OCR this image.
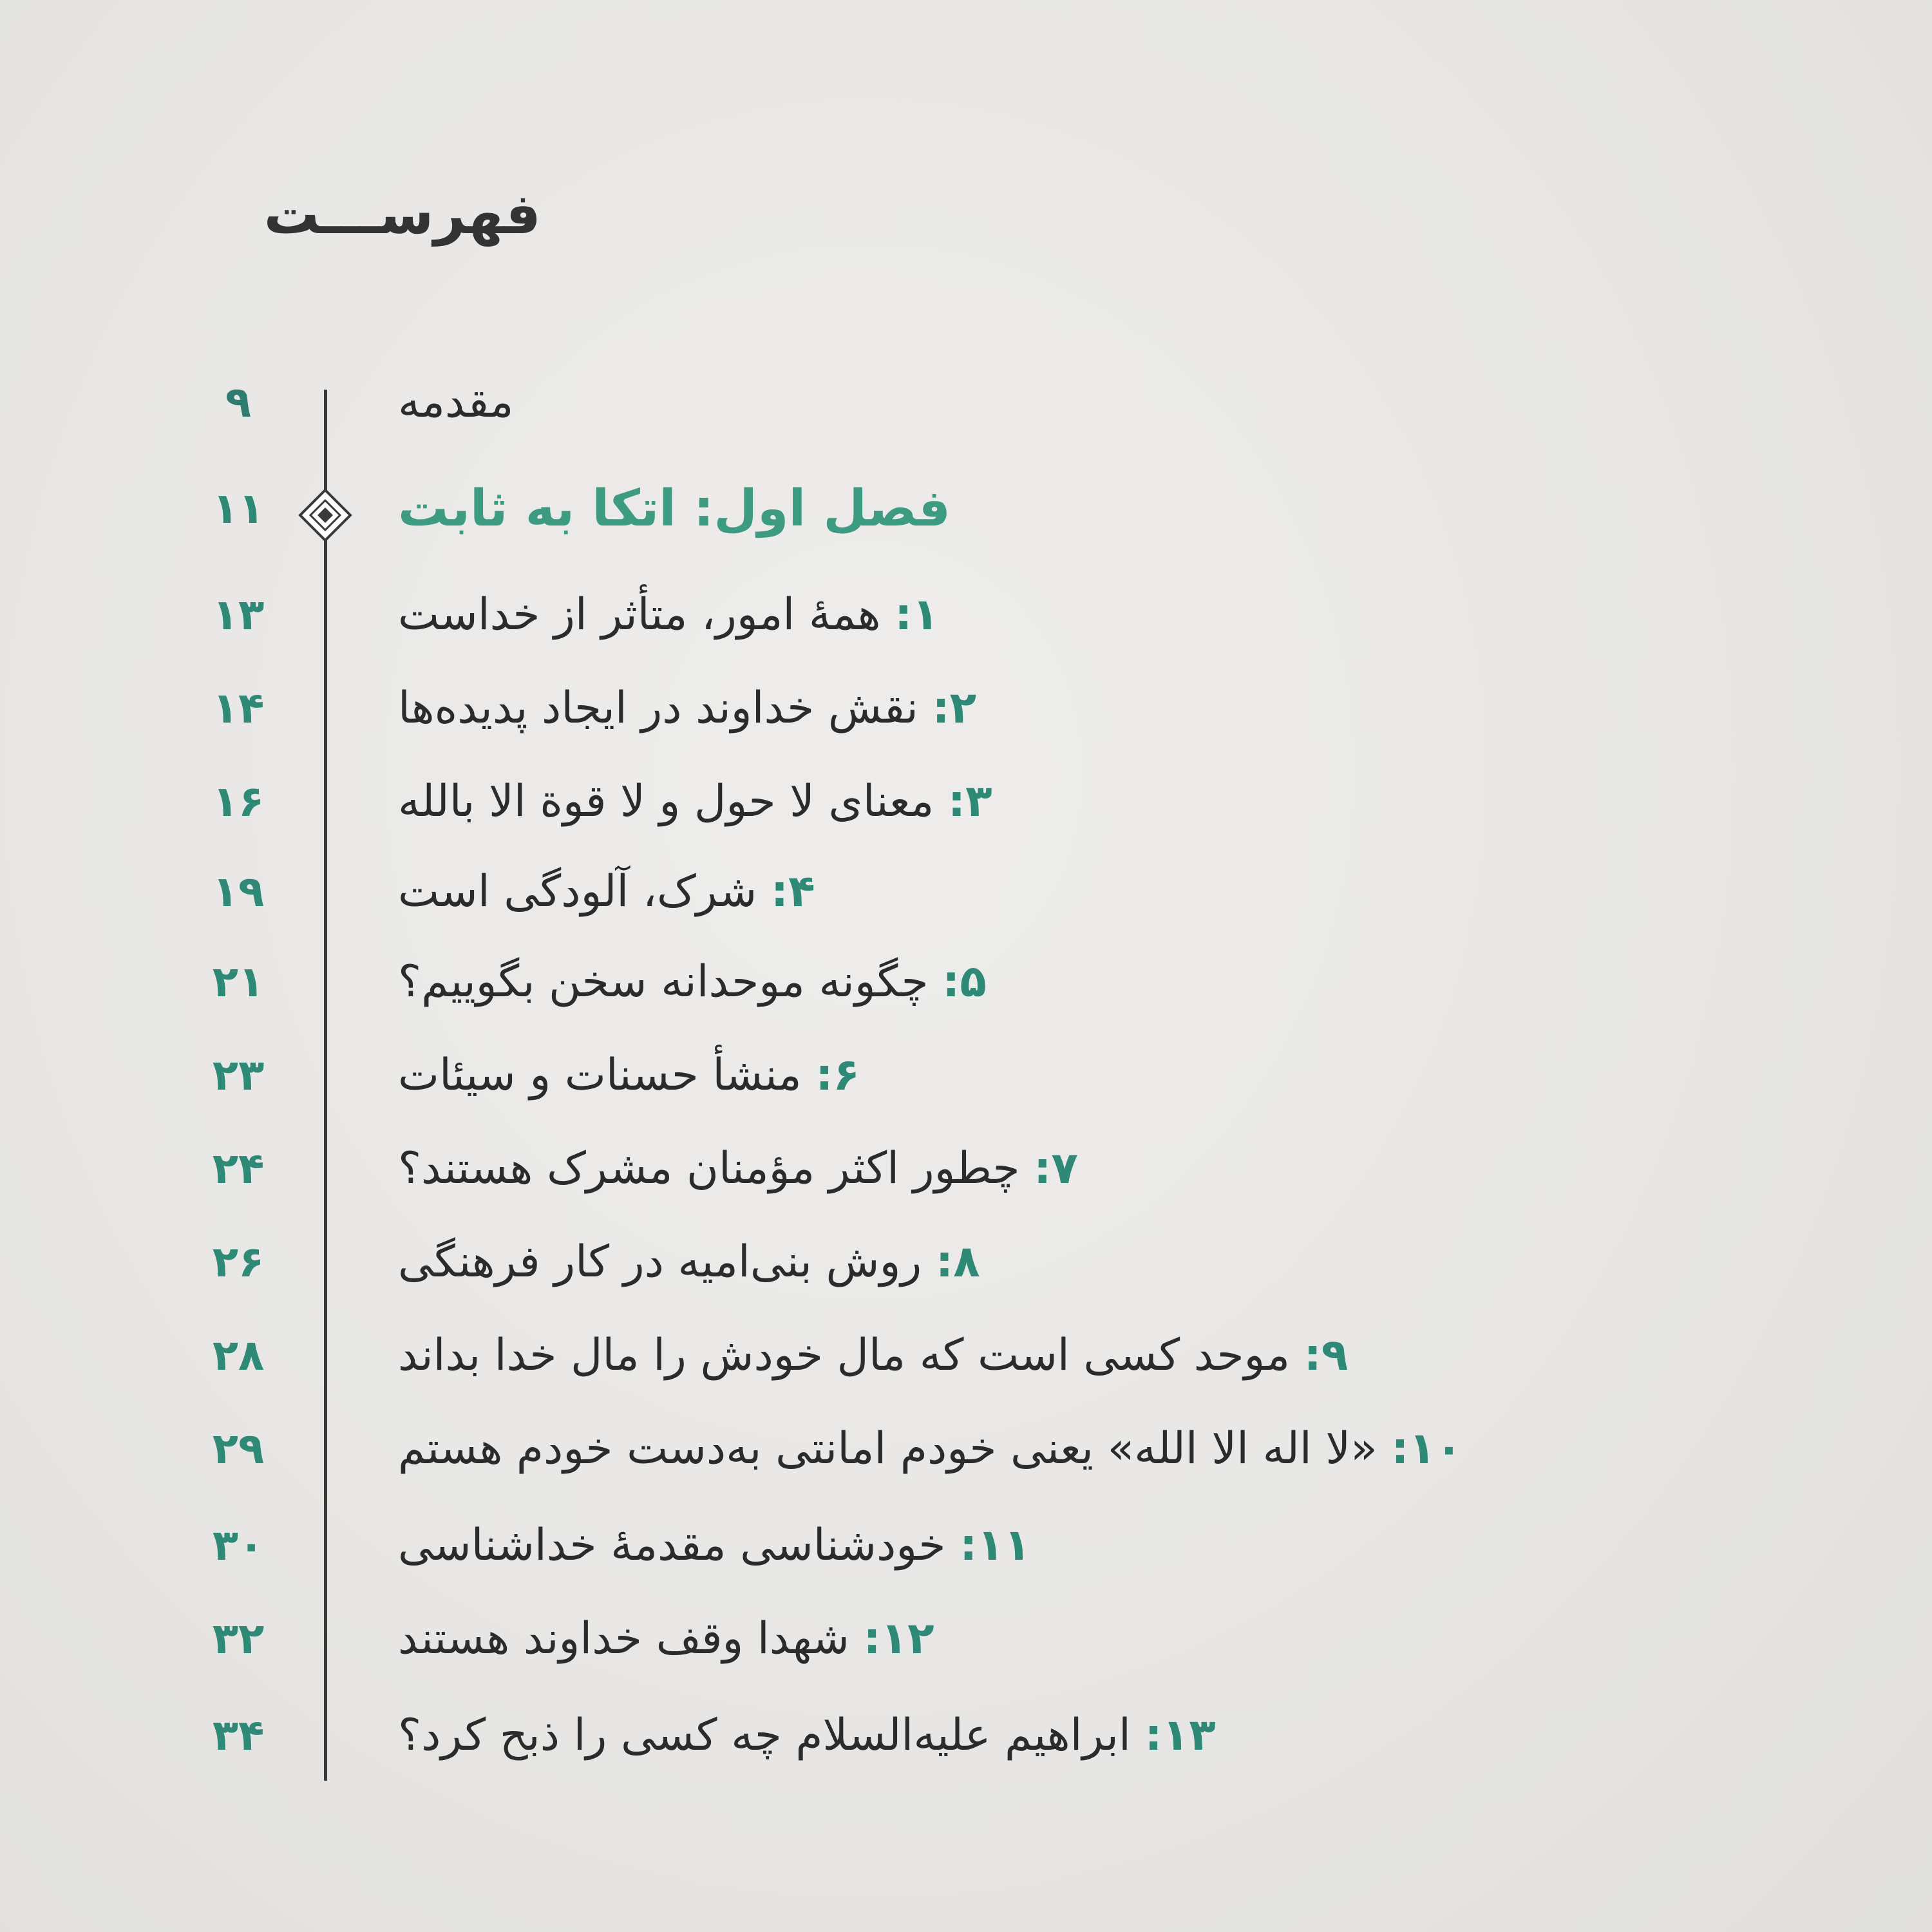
فهرســـت
مقدمه
۹
فصل اول: اتکا به ثابت
۱۱
۱: همهٔ امور، متأثر از خداست
۱۳
۲: نقش خداوند در ایجاد پدیده‌ها
۱۴
۳: معنای لا حول و لا قوة الا بالله
۱۶
۴: شرک، آلودگی است
۱۹
۵: چگونه موحدانه سخن بگوییم؟
۲۱
۶: منشأ حسنات و سیئات
۲۳
۷: چطور اکثر مؤمنان مشرک هستند؟
۲۴
۸: روش بنی‌امیه در کار فرهنگی
۲۶
۹: موحد کسی است که مال خودش را مال خدا بداند
۲۸
۱۰: «لا اله الا الله» یعنی خودم امانتی به‌دست خودم هستم
۲۹
۱۱: خودشناسی مقدمهٔ خداشناسی
۳۰
۱۲: شهدا وقف خداوند هستند
۳۲
۱۳: ابراهیم علیه‌السلام چه کسی را ذبح کرد؟
۳۴
